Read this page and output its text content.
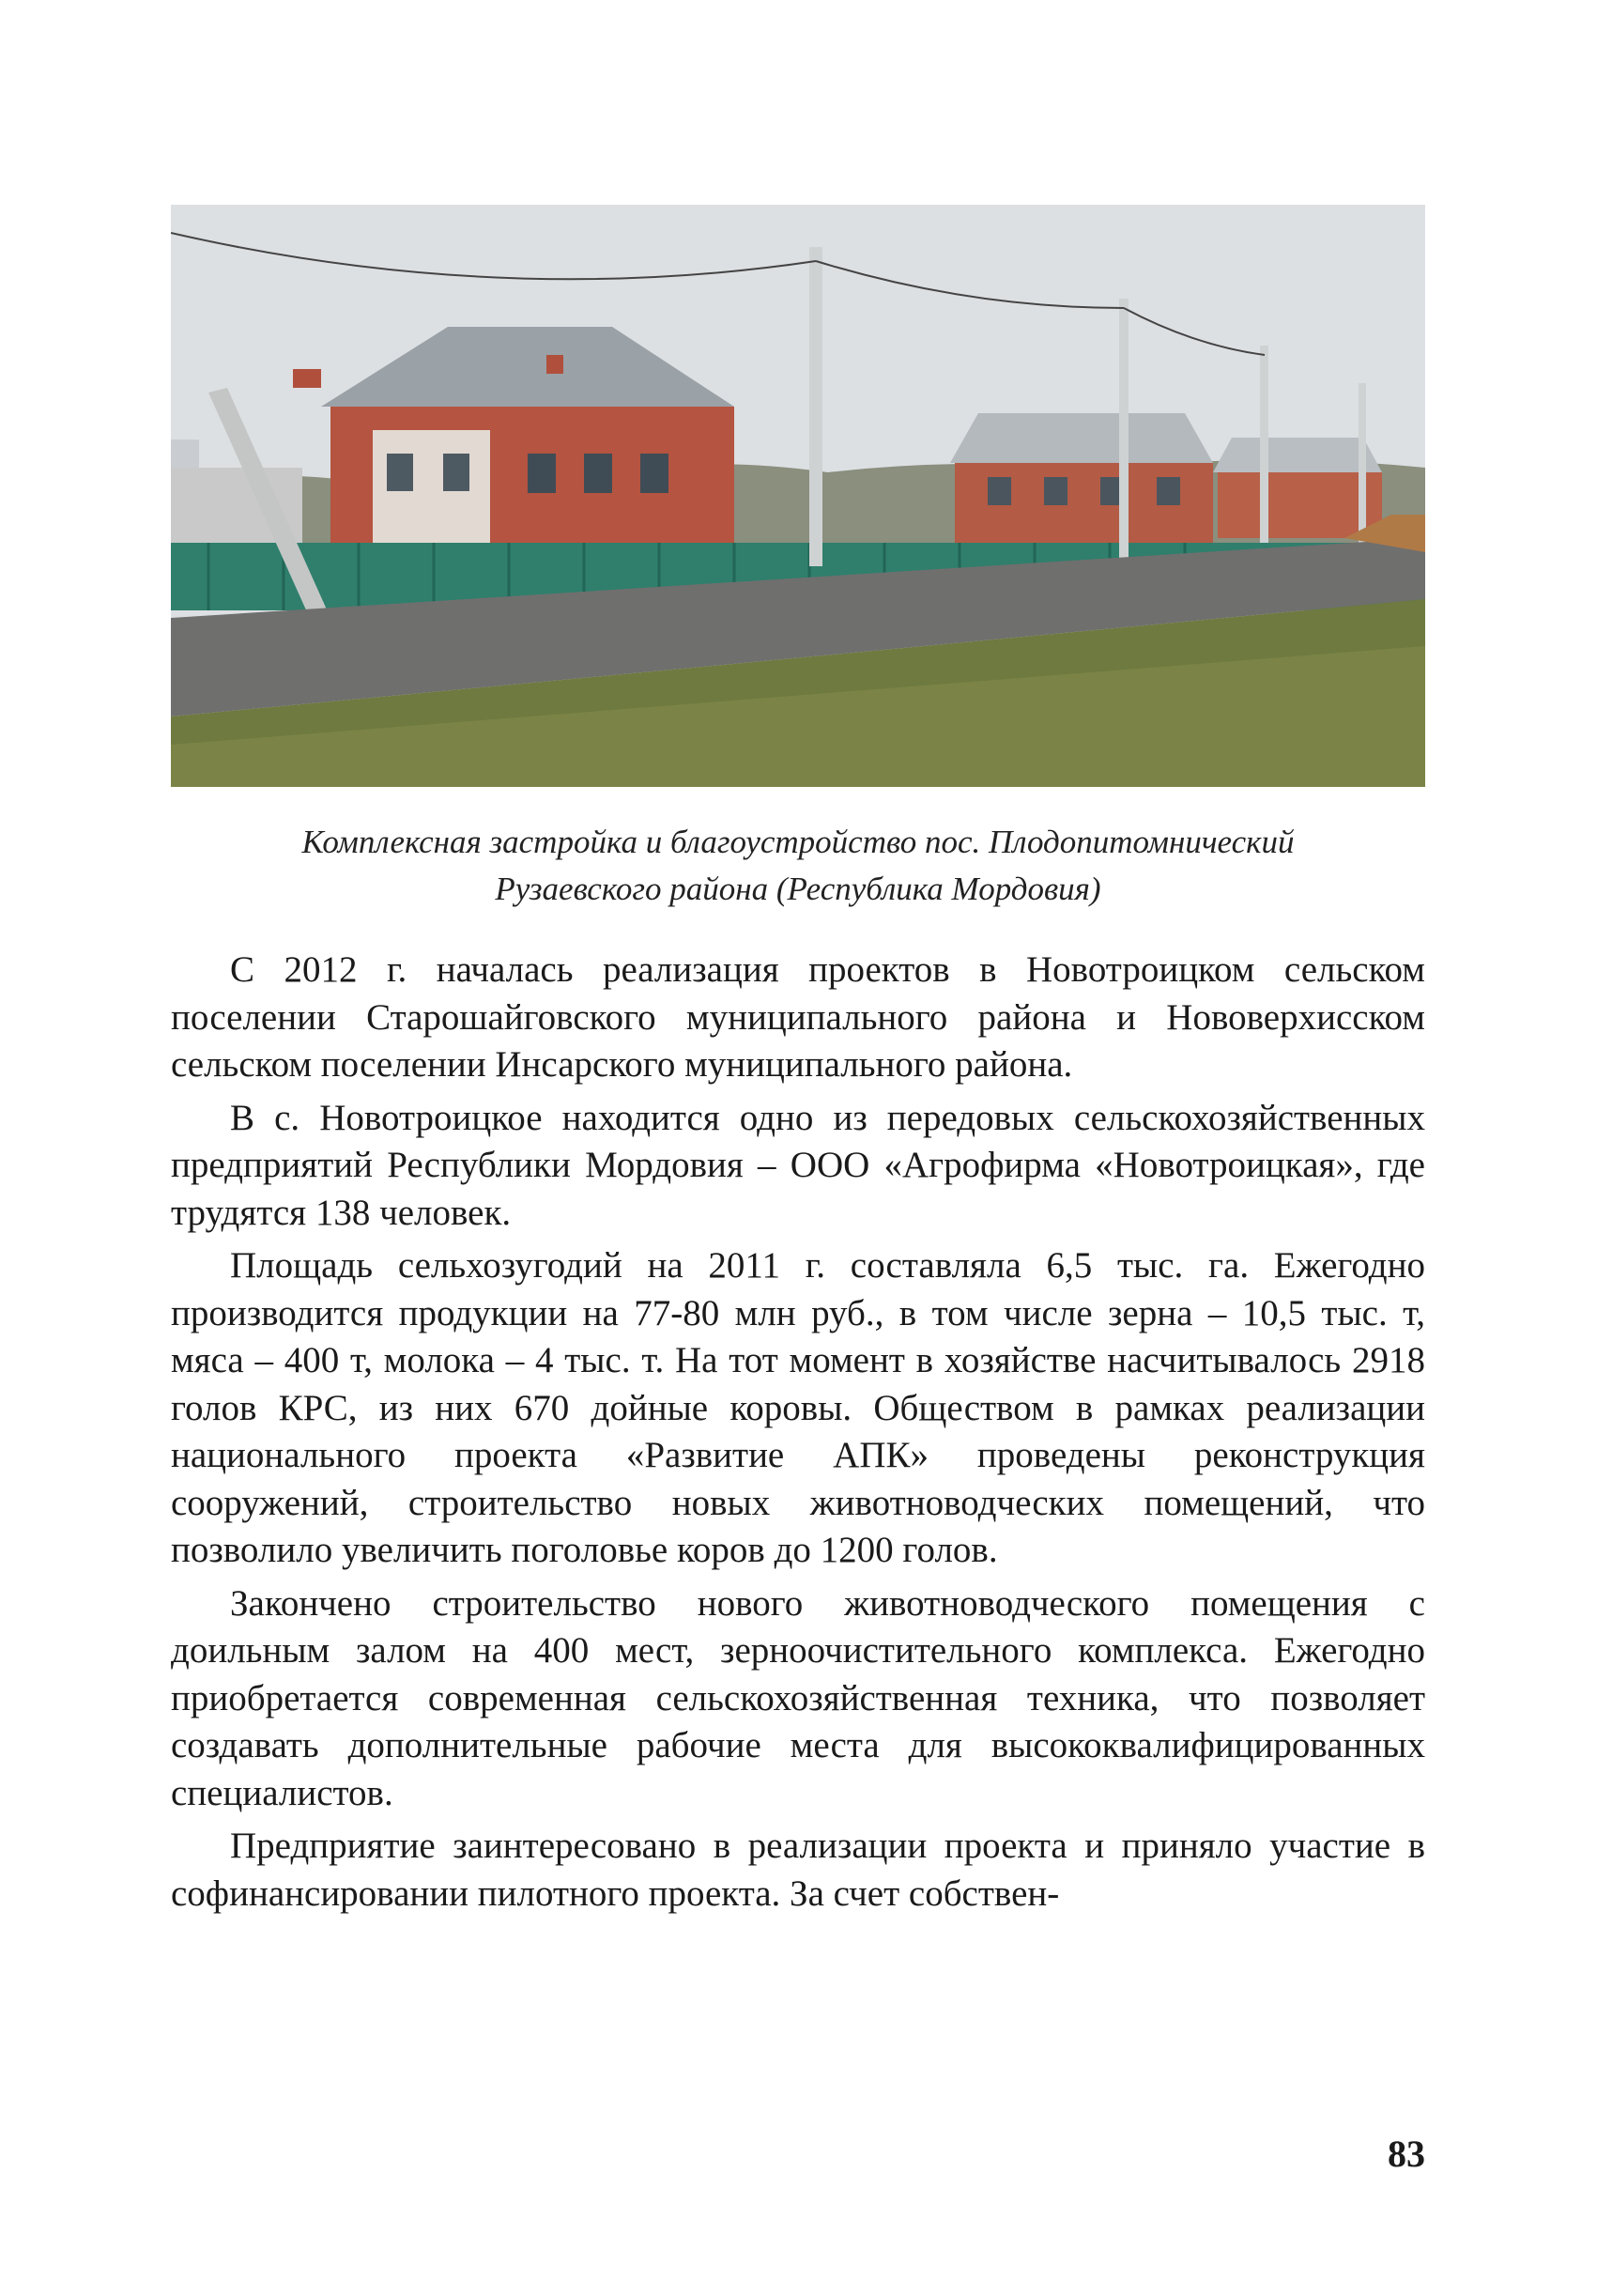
Комплексная застройка и благоустройство пос. Плодопитомнический
Рузаевского района (Республика Мордовия)

С 2012 г. началась реализация проектов в Новотроицком сельском поселении Старошайговского муниципального района и Нововерхисском сельском поселении Инсарского муниципального района.

В с. Новотроицкое находится одно из передовых сельскохозяйственных предприятий Республики Мордовия – ООО «Агрофирма «Новотроицкая», где трудятся 138 человек.

Площадь сельхозугодий на 2011 г. составляла 6,5 тыс. га. Ежегодно производится продукции на 77-80 млн руб., в том числе зерна – 10,5 тыс. т, мяса – 400 т, молока – 4 тыс. т. На тот момент в хозяйстве насчитывалось 2918 голов КРС, из них 670 дойные коровы. Обществом в рамках реализации национального проекта «Развитие АПК» проведены реконструкция сооружений, строительство новых животноводческих помещений, что позволило увеличить поголовье коров до 1200 голов.

Закончено строительство нового животноводческого помещения с доильным залом на 400 мест, зерноочистительного комплекса. Ежегодно приобретается современная сельскохозяйственная техника, что позволяет создавать дополнительные рабочие места для высококвалифицированных специалистов.

Предприятие заинтересовано в реализации проекта и приняло участие в софинансировании пилотного проекта. За счет собствен-

83
